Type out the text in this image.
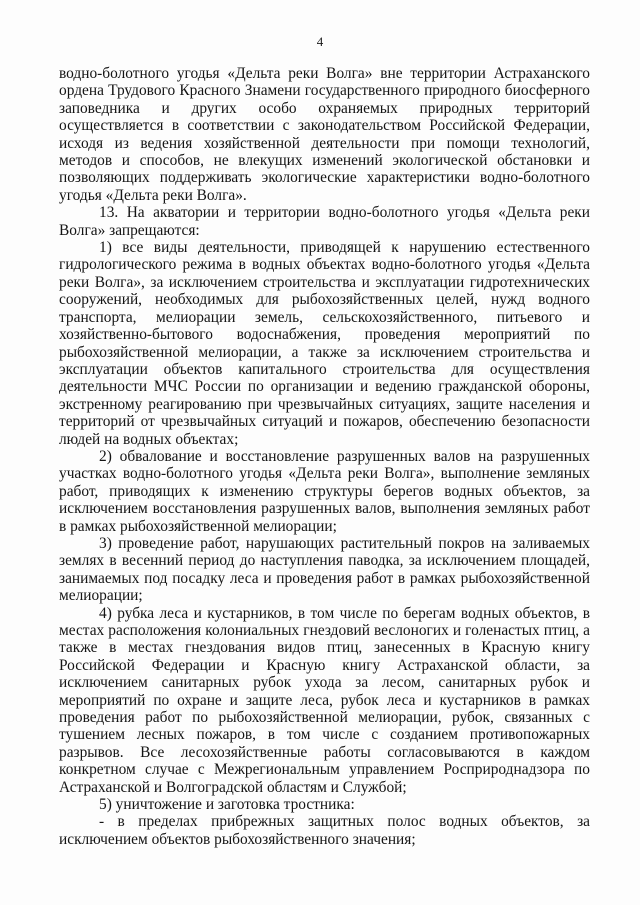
4

водно-болотного угодья «Дельта реки Волга» вне территории Астраханского ордена Трудового Красного Знамени государственного природного биосферного заповедника и других особо охраняемых природных территорий осуществляется в соответствии с законодательством Российской Федерации, исходя из ведения хозяйственной деятельности при помощи технологий, методов и способов, не влекущих изменений экологической обстановки и позволяющих поддерживать экологические характеристики водно-болотного угодья «Дельта реки Волга».

13. На акватории и территории водно-болотного угодья «Дельта реки Волга» запрещаются:

1) все виды деятельности, приводящей к нарушению естественного гидрологического режима в водных объектах водно-болотного угодья «Дельта реки Волга», за исключением строительства и эксплуатации гидротехнических сооружений, необходимых для рыбохозяйственных целей, нужд водного транспорта, мелиорации земель, сельскохозяйственного, питьевого и хозяйственно-бытового водоснабжения, проведения мероприятий по рыбохозяйственной мелиорации, а также за исключением строительства и эксплуатации объектов капитального строительства для осуществления деятельности МЧС России по организации и ведению гражданской обороны, экстренному реагированию при чрезвычайных ситуациях, защите населения и территорий от чрезвычайных ситуаций и пожаров, обеспечению безопасности людей на водных объектах;

2) обвалование и восстановление разрушенных валов на разрушенных участках водно-болотного угодья «Дельта реки Волга», выполнение земляных работ, приводящих к изменению структуры берегов водных объектов, за исключением восстановления разрушенных валов, выполнения земляных работ в рамках рыбохозяйственной мелиорации;

3) проведение работ, нарушающих растительный покров на заливаемых землях в весенний период до наступления паводка, за исключением площадей, занимаемых под посадку леса и проведения работ в рамках рыбохозяйственной мелиорации;

4) рубка леса и кустарников, в том числе по берегам водных объектов, в местах расположения колониальных гнездовий веслоногих и голенастых птиц, а также в местах гнездования видов птиц, занесенных в Красную книгу Российской Федерации и Красную книгу Астраханской области, за исключением санитарных рубок ухода за лесом, санитарных рубок и мероприятий по охране и защите леса, рубок леса и кустарников в рамках проведения работ по рыбохозяйственной мелиорации, рубок, связанных с тушением лесных пожаров, в том числе с созданием противопожарных разрывов. Все лесохозяйственные работы согласовываются в каждом конкретном случае с Межрегиональным управлением Росприроднадзора по Астраханской и Волгоградской областям и Службой;

5) уничтожение и заготовка тростника:

- в пределах прибрежных защитных полос водных объектов, за исключением объектов рыбохозяйственного значения;
